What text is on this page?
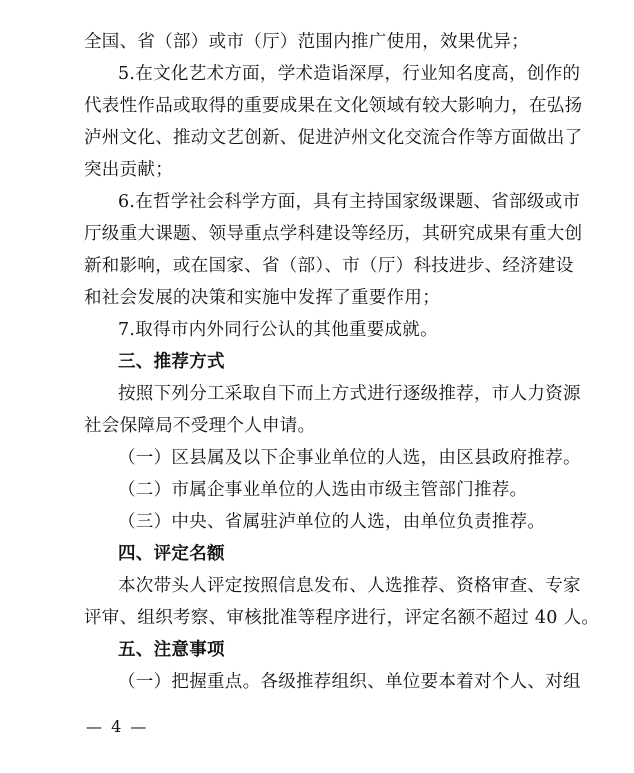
全国、省（部）或市（厅）范围内推广使用，效果优异；
5.在文化艺术方面，学术造诣深厚，行业知名度高，创作的
代表性作品或取得的重要成果在文化领域有较大影响力，在弘扬
泸州文化、推动文艺创新、促进泸州文化交流合作等方面做出了
突出贡献；
6.在哲学社会科学方面，具有主持国家级课题、省部级或市
厅级重大课题、领导重点学科建设等经历，其研究成果有重大创
新和影响，或在国家、省（部）、市（厅）科技进步、经济建设
和社会发展的决策和实施中发挥了重要作用；
7.取得市内外同行公认的其他重要成就。
三、推荐方式
按照下列分工采取自下而上方式进行逐级推荐，市人力资源
社会保障局不受理个人申请。
（一）区县属及以下企事业单位的人选，由区县政府推荐。
（二）市属企事业单位的人选由市级主管部门推荐。
（三）中央、省属驻泸单位的人选，由单位负责推荐。
四、评定名额
本次带头人评定按照信息发布、人选推荐、资格审查、专家
评审、组织考察、审核批准等程序进行，评定名额不超过 40 人。
五、注意事项
（一）把握重点。各级推荐组织、单位要本着对个人、对组
— 4 —
